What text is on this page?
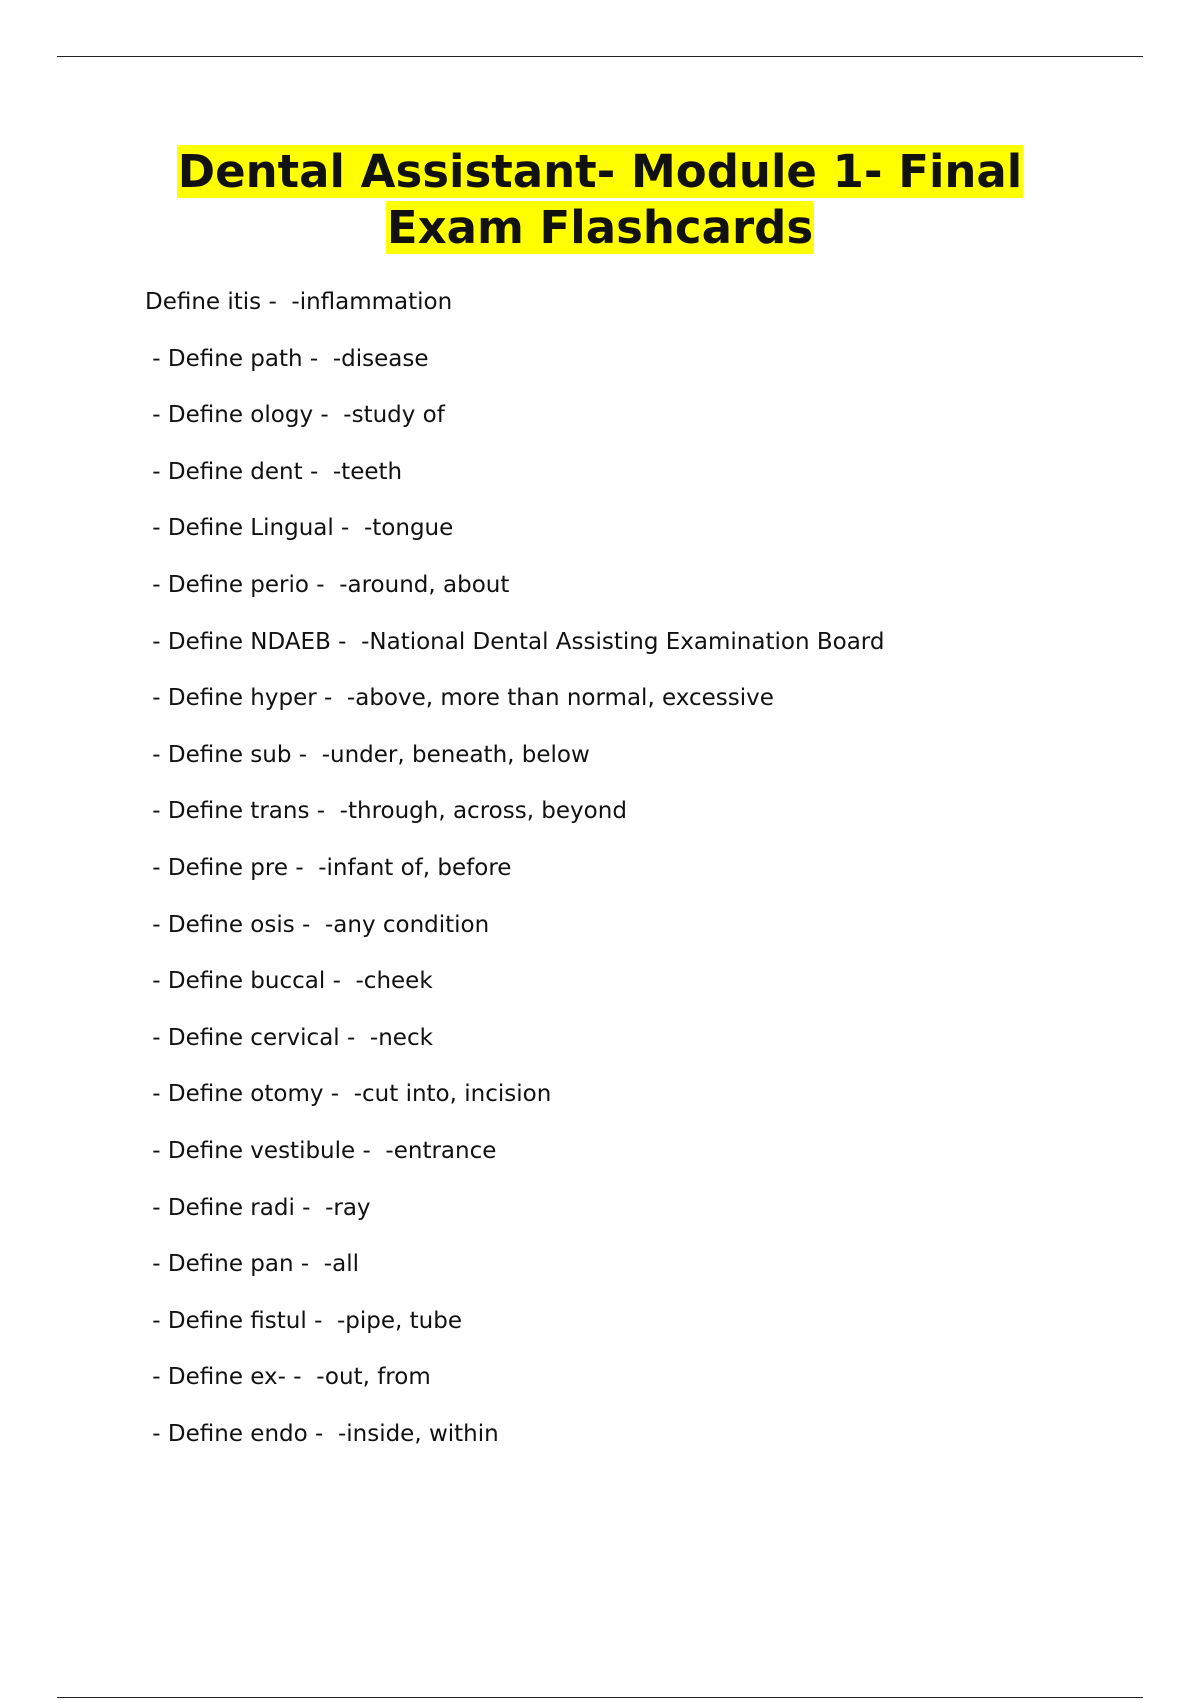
Dental Assistant- Module 1- Final
Exam Flashcards
Define itis -  -inflammation
- Define path -  -disease
- Define ology -  -study of
- Define dent -  -teeth
- Define Lingual -  -tongue
- Define perio -  -around, about
- Define NDAEB -  -National Dental Assisting Examination Board
- Define hyper -  -above, more than normal, excessive
- Define sub -  -under, beneath, below
- Define trans -  -through, across, beyond
- Define pre -  -infant of, before
- Define osis -  -any condition
- Define buccal -  -cheek
- Define cervical -  -neck
- Define otomy -  -cut into, incision
- Define vestibule -  -entrance
- Define radi -  -ray
- Define pan -  -all
- Define fistul -  -pipe, tube
- Define ex- -  -out, from
- Define endo -  -inside, within
